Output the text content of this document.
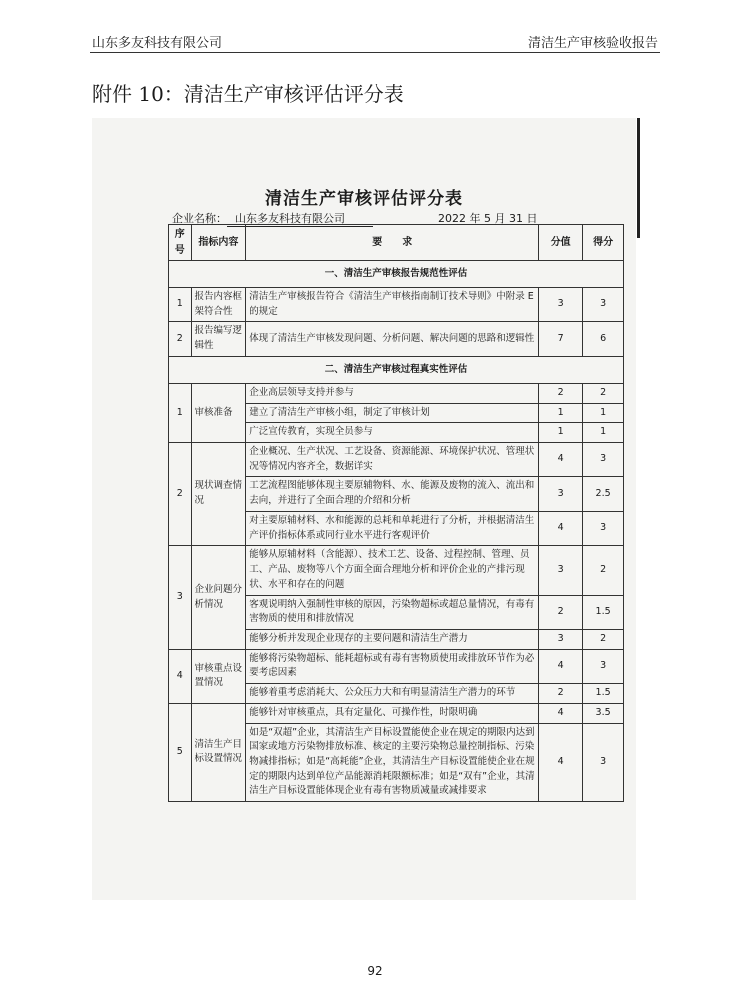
山东多友科技有限公司	清洁生产审核验收报告
附件 10：清洁生产审核评估评分表
清洁生产审核评估评分表
企业名称： 山东多友科技有限公司	2022 年 5 月 31 日
序号	指标内容	要　　求	分值	得分
一、清洁生产审核报告规范性评估				
1	报告内容框架符合性	清洁生产审核报告符合《清洁生产审核指南制订技术导则》中附录 E 的规定	3	3
2	报告编写逻辑性	体现了清洁生产审核发现问题、分析问题、解决问题的思路和逻辑性	7	6
二、清洁生产审核过程真实性评估				
1	审核准备	企业高层领导支持并参与	2	2
		建立了清洁生产审核小组，制定了审核计划	1	1
		广泛宣传教育，实现全员参与	1	1
2	现状调查情况	企业概况、生产状况、工艺设备、资源能源、环境保护状况、管理状况等情况内容齐全，数据详实	4	3
		工艺流程图能够体现主要原辅物料、水、能源及废物的流入、流出和去向，并进行了全面合理的介绍和分析	3	2.5
		对主要原辅材料、水和能源的总耗和单耗进行了分析，并根据清洁生产评价指标体系或同行业水平进行客观评价	4	3
3	企业问题分析情况	能够从原辅材料（含能源）、技术工艺、设备、过程控制、管理、员工、产品、废物等八个方面全面合理地分析和评价企业的产排污现状、水平和存在的问题	3	2
		客观说明纳入强制性审核的原因，污染物超标或超总量情况，有毒有害物质的使用和排放情况	2	1.5
		能够分析并发现企业现存的主要问题和清洁生产潜力	3	2
4	审核重点设置情况	能够将污染物超标、能耗超标或有毒有害物质使用或排放环节作为必要考虑因素	4	3
		能够着重考虑消耗大、公众压力大和有明显清洁生产潜力的环节	2	1.5
5	清洁生产目标设置情况	能够针对审核重点，具有定量化、可操作性，时限明确	4	3.5
		如是“双超”企业，其清洁生产目标设置能使企业在规定的期限内达到国家或地方污染物排放标准、核定的主要污染物总量控制指标、污染物减排指标；如是“高耗能”企业，其清洁生产目标设置能使企业在规定的期限内达到单位产品能源消耗限额标准；如是“双有”企业，其清洁生产目标设置能体现企业有毒有害物质减量或减排要求	4	3
92
